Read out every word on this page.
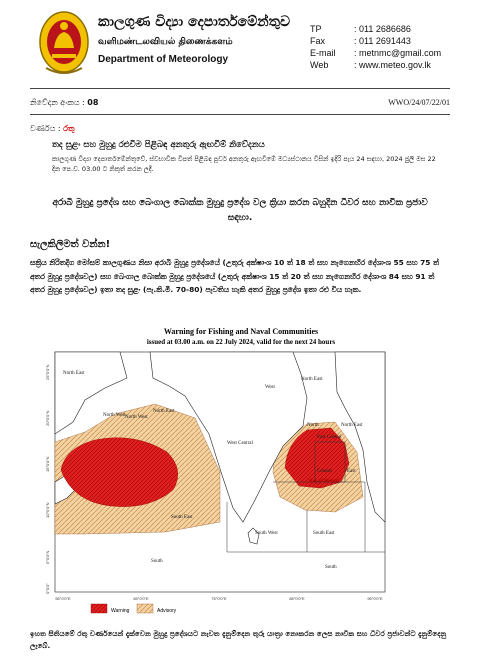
කාලගුණ විද්‍යා දෙපාර්තමේන්තුව
வளிமண்டலவியல் திணைக்களம்
Department of Meteorology
TP	: 011 2686686
Fax	: 011 2691443
E-mail	: metnmc@gmail.com
Web	: www.meteo.gov.lk
නිවේදන අංකය : 08	WWO/24/07/22/01
වර්ණය : රතු
තද සුළං සහ මුහුදු රළුවීම පිළිබඳ අනතුරු ඇඟවීම් නිවේදනය
කාලගුණ විද්‍යා දෙපාර්තමේන්තුවේ, ස්වභාවික විපත් පිළිබඳ පූර්ව අනතුරු ඇඟවීමේ මධ්‍යස්ථානය විසින් ඉදිරි පැය 24 සඳහා, 2024 ජුලි මස 22 දින පෙ.ව. 03.00 ට නිකුත් කරන ලදී.
අරාබි මුහුදු ප්‍රදේශ සහ බෙංගාල බොක්ක මුහුදු ප්‍රදේශ වල ක්‍රියා කරන බහුදින ධීවර සහ නාවික ප්‍රජාව සඳහා.
සැලකිලිමත් වන්න!
සක්‍රිය නිරිතදිග මෝසම් කාලගුණය නිසා අරාබි මුහුදු ප්‍රදේශයේ (උතුරු අක්ෂාංශ 10 ත් 18 ත් සහ නැගෙනහිර දේශාංශ 55 සහ 75 ත් අතර මුහුදු ප්‍රදේශවල) සහ බෙංගාල බොක්ක මුහුදු ප්‍රදේශයේ (උතුරු අක්ෂාංශ 15 ත් 20 ත් සහ නැගෙනහිර දේශාංශ 84 සහ 91 ත් අතර මුහුදු ප්‍රදේශවල) ඉතා තද සුළං (පැ.කි.මී. 70-80) පැවතිය හැකි අතර මුහුදු ප්‍රදේශ ඉතා රළු විය හැක.
Warning for Fishing and Naval Communities
issued at 03.00 a.m. on 22 July 2024, valid for the next 24 hours
25°0'0"N
20°0'0"N
15°0'0"N
10°0'0"N
5°0'0"N
0°0'0"
North East
North West North West
North East
North East
West
East Central
North	North East
West Central
Central	East
South East
South West	South East
South
South
Bay of Bengal
55°0'0"E	65°0'0"E	75°0'0"E	85°0'0"E	95°0'0"E
Warning	Advisory
ඉහත සිතියමේ රතු වර්ණයෙන් දැක්වෙන මුහුදු ප්‍රදේශයට නැවත දැනුම්දෙන තුරු යාත්‍රා නොකරන ලෙස නාවික සහ ධීවර ප්‍රජාවන්ට දැනුම්දෙනු ලැබේ.
